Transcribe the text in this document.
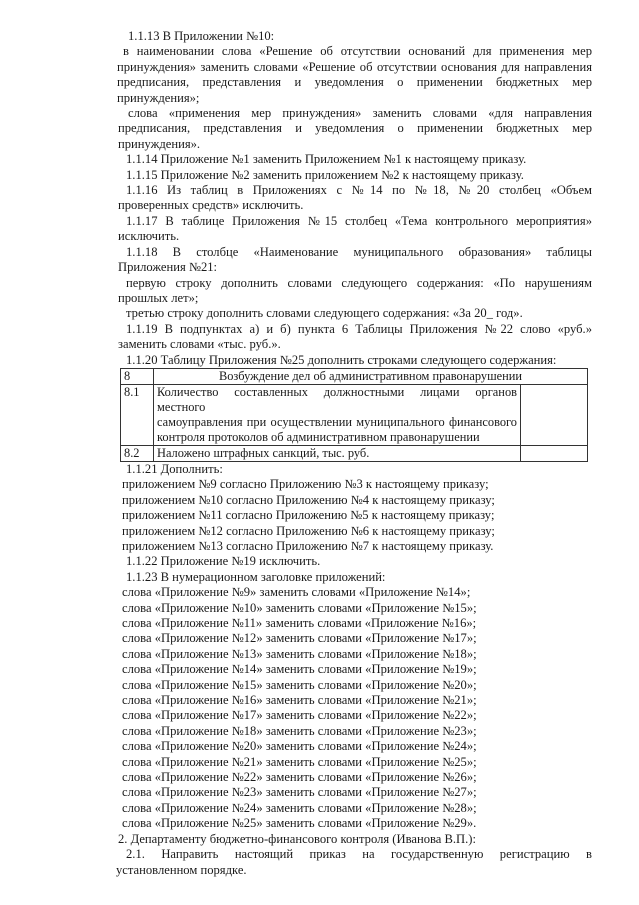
1.1.13 В Приложении №10:

в наименовании слова «Решение об отсутствии оснований для применения мер

принуждения» заменить словами «Решение об отсутствии основания для направления

предписания, представления и уведомления о применении бюджетных мер принуждения»;

слова «применения мер принуждения» заменить словами «для направления

предписания, представления и уведомления о применении бюджетных мер принуждения».

1.1.14 Приложение №1 заменить Приложением №1 к настоящему приказу.

1.1.15 Приложение №2 заменить приложением №2 к настоящему приказу.

1.1.16 Из таблиц в Приложениях с №14 по №18, №20 столбец «Объем

проверенных средств» исключить.

1.1.17 В таблице Приложения №15 столбец «Тема контрольного мероприятия»

исключить.

1.1.18 В столбце «Наименование муниципального образования» таблицы

Приложения №21:

первую строку дополнить словами следующего содержания: «По нарушениям

прошлых лет»;

третью строку дополнить словами следующего содержания: «За 20_ год».

1.1.19 В подпунктах а) и б) пункта 6 Таблицы Приложения №22 слово «руб.»

заменить словами «тыс. руб.».

1.1.20 Таблицу Приложения №25 дополнить строками следующего содержания:

8	Возбуждение дел об административном правонарушении	
8.1	Количество составленных должностными лицами органов местного
самоуправления при осуществлении муниципального финансового
контроля протоколов об административном правонарушении	

8.2	Наложено штрафных санкций, тыс. руб.	

1.1.21 Дополнить:

приложением №9 согласно Приложению №3 к настоящему приказу;

приложением №10 согласно Приложению №4 к настоящему приказу;

приложением №11 согласно Приложению №5 к настоящему приказу;

приложением №12 согласно Приложению №6 к настоящему приказу;

приложением №13 согласно Приложению №7 к настоящему приказу.

1.1.22 Приложение №19 исключить.

1.1.23 В нумерационном заголовке приложений:

слова «Приложение №9» заменить словами «Приложение №14»;

слова «Приложение №10» заменить словами «Приложение №15»;

слова «Приложение №11» заменить словами «Приложение №16»;

слова «Приложение №12» заменить словами «Приложение №17»;

слова «Приложение №13» заменить словами «Приложение №18»;

слова «Приложение №14» заменить словами «Приложение №19»;

слова «Приложение №15» заменить словами «Приложение №20»;

слова «Приложение №16» заменить словами «Приложение №21»;

слова «Приложение №17» заменить словами «Приложение №22»;

слова «Приложение №18» заменить словами «Приложение №23»;

слова «Приложение №20» заменить словами «Приложение №24»;

слова «Приложение №21» заменить словами «Приложение №25»;

слова «Приложение №22» заменить словами «Приложение №26»;

слова «Приложение №23» заменить словами «Приложение №27»;

слова «Приложение №24» заменить словами «Приложение №28»;

слова «Приложение №25» заменить словами «Приложение №29».

2. Департаменту бюджетно-финансового контроля (Иванова В.П.):

2.1. Направить настоящий приказ на государственную регистрацию в

установленном порядке.
